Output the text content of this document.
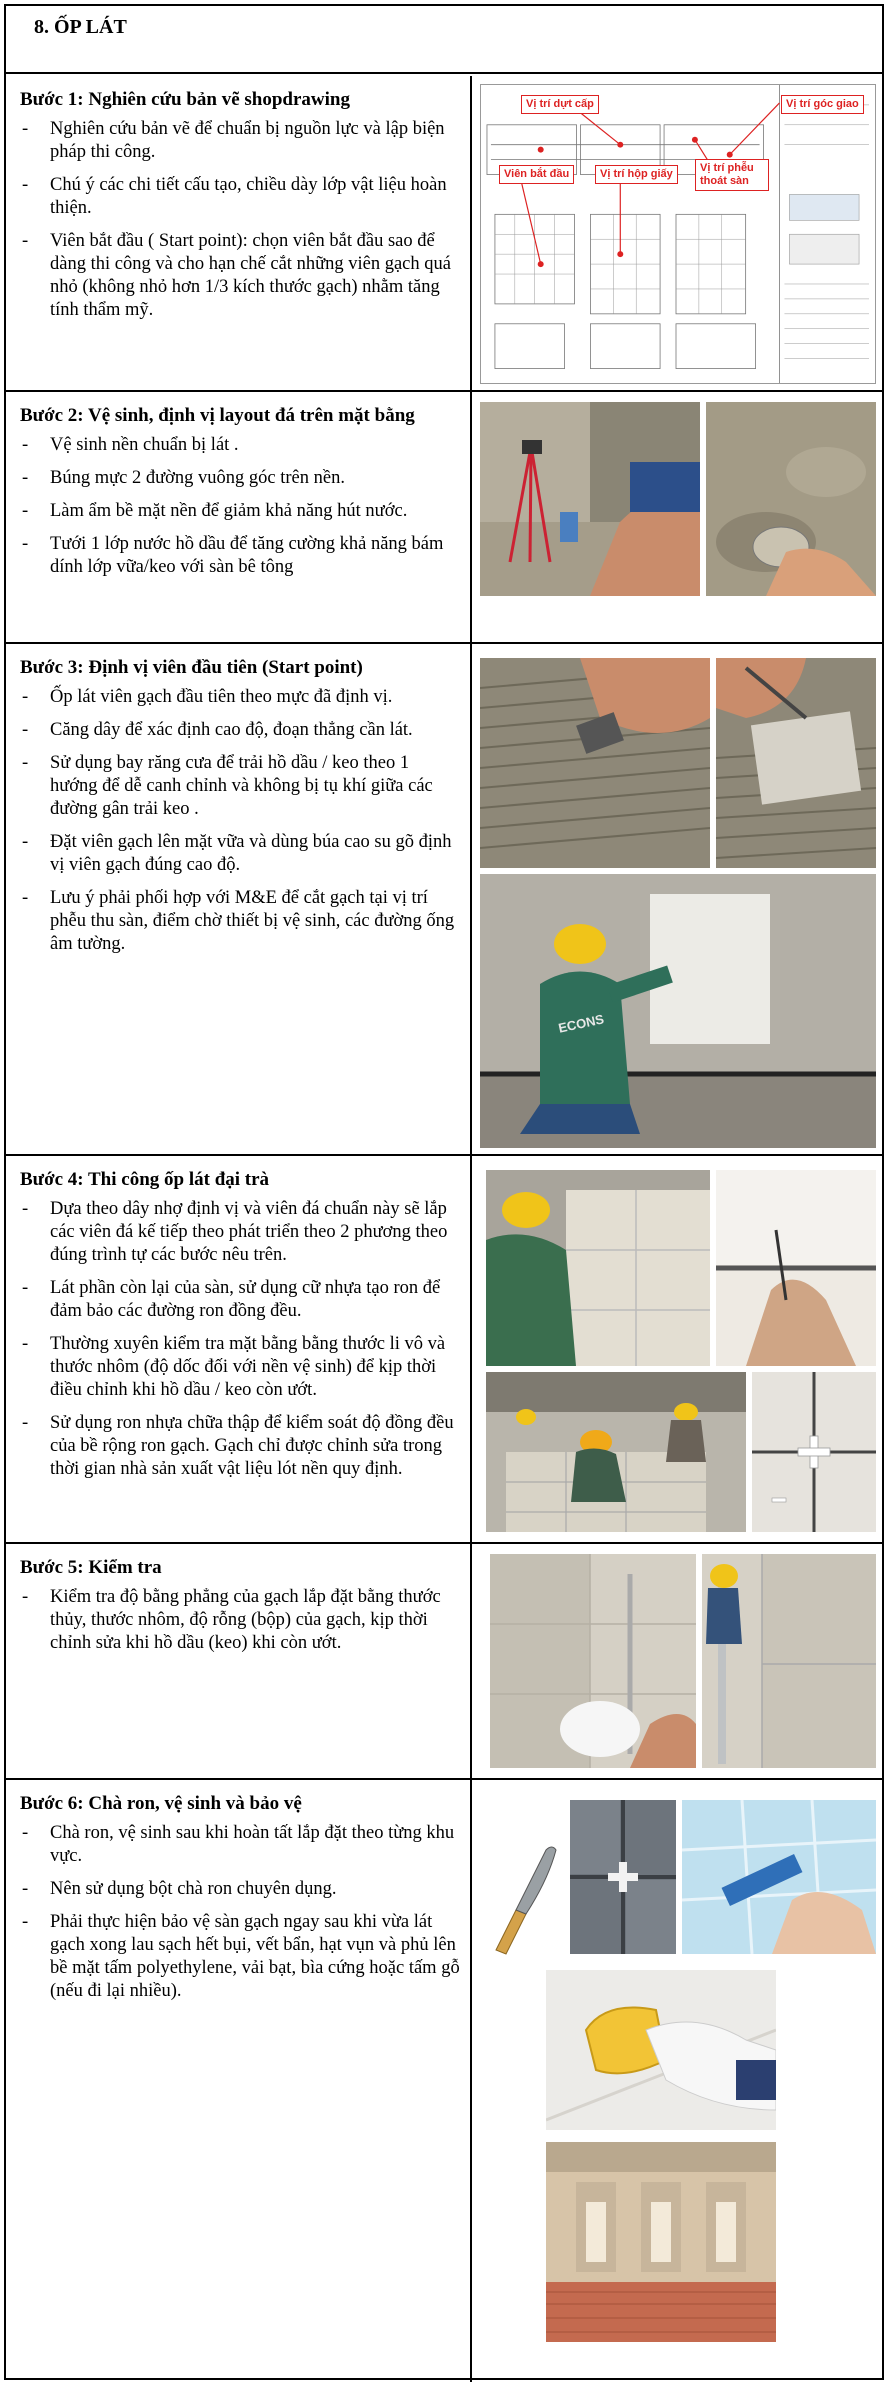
8. ỐP LÁT
Bước 1: Nghiên cứu bản vẽ shopdrawing
- Nghiên cứu bản vẽ để chuẩn bị nguồn lực và lập biện pháp thi công.
- Chú ý các chi tiết cấu tạo, chiều dày lớp vật liệu hoàn thiện.
- Viên bắt đầu ( Start point): chọn viên bắt đầu sao để dàng thi công và cho hạn chế cắt những viên gạch quá nhỏ (không nhỏ hơn 1/3 kích thước gạch) nhằm tăng tính thẩm mỹ.
Vị trí dựt cấp	Vị trí góc giao
Viên bắt đầu	Vị trí hộp giấy	Vị trí phễu thoát sàn
Bước 2: Vệ sinh, định vị layout đá trên mặt bằng
- Vệ sinh nền chuẩn bị lát .
- Búng mực 2 đường vuông góc trên nền.
- Làm ẩm bề mặt nền để giảm khả năng hút nước.
- Tưới 1 lớp nước hồ dầu để tăng cường khả năng bám dính lớp vữa/keo với sàn bê tông
Bước 3: Định vị viên đầu tiên (Start point)
- Ốp lát viên gạch đầu tiên theo mực đã định vị.
- Căng dây để xác định cao độ, đoạn thẳng cần lát.
- Sử dụng bay răng cưa để trải hồ dầu / keo theo 1 hướng để dễ canh chỉnh và không bị tụ khí giữa các đường gân trải keo .
- Đặt viên gạch lên mặt vữa và dùng búa cao su gõ định vị viên gạch đúng cao độ.
- Lưu ý phải phối hợp với M&E để cắt gạch tại vị trí phễu thu sàn, điểm chờ thiết bị vệ sinh, các đường ống âm tường.
ECONS
Bước 4: Thi công ốp lát đại trà
- Dựa theo dây nhợ định vị và viên đá chuẩn này sẽ lắp các viên đá kế tiếp theo phát triển theo 2 phương theo đúng trình tự các bước nêu trên.
- Lát phần còn lại của sàn, sử dụng cữ nhựa tạo ron để đảm bảo các đường ron đồng đều.
- Thường xuyên kiểm tra mặt bằng bằng thước li vô và thước nhôm (độ dốc đối với nền vệ sinh) để kịp thời điều chỉnh khi hồ dầu / keo còn ướt.
- Sử dụng ron nhựa chữa thập để kiểm soát độ đồng đều của bề rộng ron gạch. Gạch chỉ được chỉnh sửa trong thời gian nhà sản xuất vật liệu lót nền quy định.
Bước 5: Kiểm tra
- Kiểm tra độ bằng phẳng của gạch lắp đặt bằng thước thủy, thước nhôm, độ rỗng (bộp) của gạch, kịp thời chỉnh sửa khi hồ dầu (keo) khi còn ướt.
Bước 6: Chà ron, vệ sinh và bảo vệ
- Chà ron, vệ sinh sau khi hoàn tất lắp đặt theo từng khu vực.
- Nên sử dụng bột chà ron chuyên dụng.
- Phải thực hiện bảo vệ sàn gạch ngay sau khi vừa lát gạch xong lau sạch hết bụi, vết bẩn, hạt vụn và phủ lên bề mặt tấm polyethylene, vải bạt, bìa cứng hoặc tấm gỗ (nếu đi lại nhiều).
